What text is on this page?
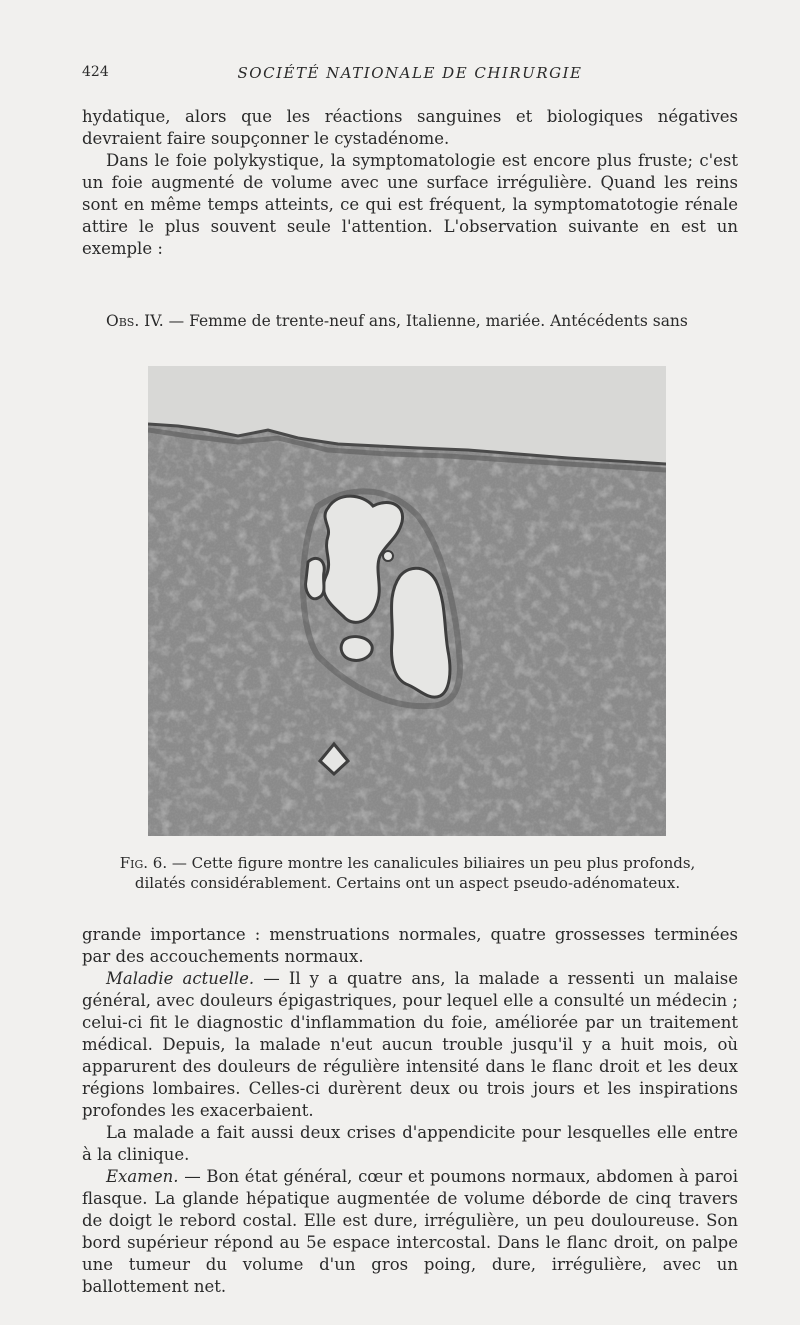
424	SOCIÉTÉ NATIONALE DE CHIRURGIE

hydatique, alors que les réactions sanguines et biologiques négatives devraient faire soupçonner le cystadénome.

Dans le foie polykystique, la symptomatologie est encore plus fruste; c'est un foie augmenté de volume avec une surface irrégulière. Quand les reins sont en même temps atteints, ce qui est fréquent, la symptomatotogie rénale attire le plus souvent seule l'attention. L'observation suivante en est un exemple :

Obs. IV. — Femme de trente-neuf ans, Italienne, mariée. Antécédents sans

Fig. 6. — Cette figure montre les canalicules biliaires un peu plus profonds, dilatés considérablement. Certains ont un aspect pseudo-adénomateux.

grande importance : menstruations normales, quatre grossesses terminées par des accouchements normaux.

Maladie actuelle. — Il y a quatre ans, la malade a ressenti un malaise général, avec douleurs épigastriques, pour lequel elle a consulté un médecin ; celui-ci fit le diagnostic d'inflammation du foie, améliorée par un traitement médical. Depuis, la malade n'eut aucun trouble jusqu'il y a huit mois, où apparurent des douleurs de régulière intensité dans le flanc droit et les deux régions lombaires. Celles-ci durèrent deux ou trois jours et les inspirations profondes les exacerbaient.

La malade a fait aussi deux crises d'appendicite pour lesquelles elle entre à la clinique.

Examen. — Bon état général, cœur et poumons normaux, abdomen à paroi flasque. La glande hépatique augmentée de volume déborde de cinq travers de doigt le rebord costal. Elle est dure, irrégulière, un peu douloureuse. Son bord supérieur répond au 5e espace intercostal. Dans le flanc droit, on palpe une tumeur du volume d'un gros poing, dure, irrégulière, avec un ballottement net.
